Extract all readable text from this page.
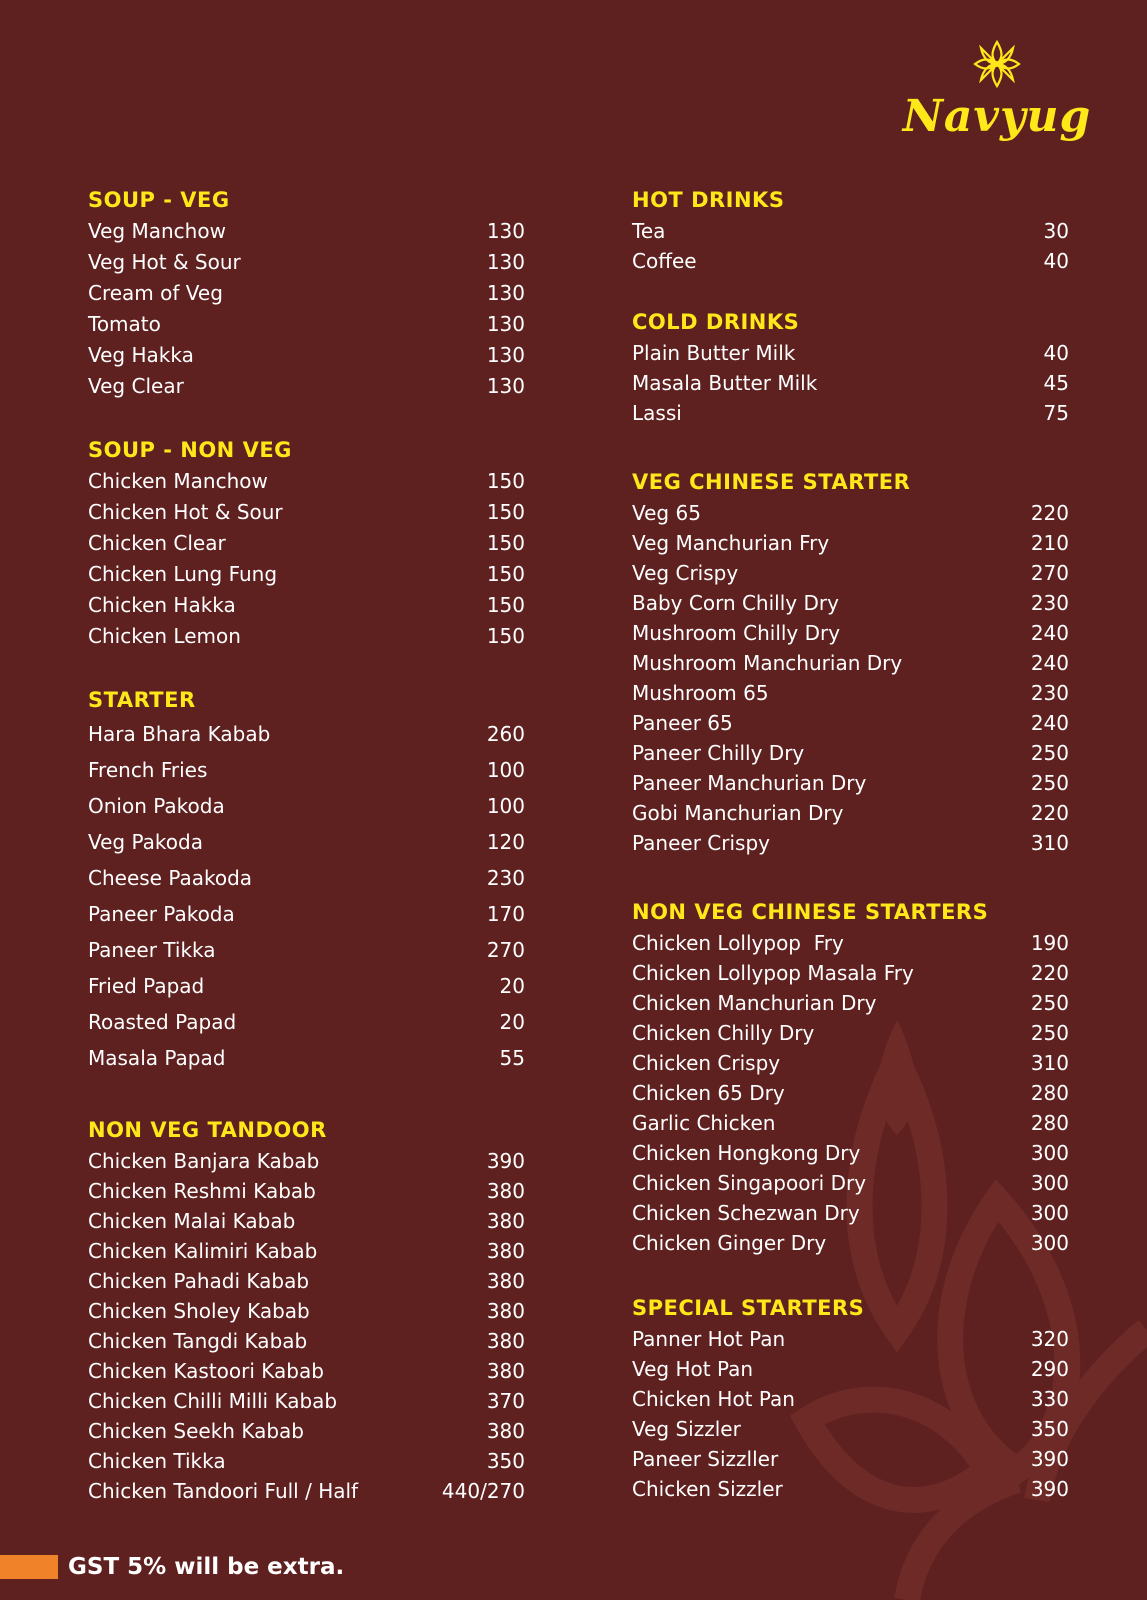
Navyug
SOUP - VEG
Veg Manchow	130
Veg Hot & Sour	130
Cream of Veg	130
Tomato	130
Veg Hakka	130
Veg Clear	130
SOUP - NON VEG
Chicken Manchow	150
Chicken Hot & Sour	150
Chicken Clear	150
Chicken Lung Fung	150
Chicken Hakka	150
Chicken Lemon	150
STARTER
Hara Bhara Kabab	260
French Fries	100
Onion Pakoda	100
Veg Pakoda	120
Cheese Paakoda	230
Paneer Pakoda	170
Paneer Tikka	270
Fried Papad	20
Roasted Papad	20
Masala Papad	55
NON VEG TANDOOR
Chicken Banjara Kabab	390
Chicken Reshmi Kabab	380
Chicken Malai Kabab	380
Chicken Kalimiri Kabab	380
Chicken Pahadi Kabab	380
Chicken Sholey Kabab	380
Chicken Tangdi Kabab	380
Chicken Kastoori Kabab	380
Chicken Chilli Milli Kabab	370
Chicken Seekh Kabab	380
Chicken Tikka	350
Chicken Tandoori Full / Half	440/270
HOT DRINKS
Tea	30
Coffee	40
COLD DRINKS
Plain Butter Milk	40
Masala Butter Milk	45
Lassi	75
VEG CHINESE STARTER
Veg 65	220
Veg Manchurian Fry	210
Veg Crispy	270
Baby Corn Chilly Dry	230
Mushroom Chilly Dry	240
Mushroom Manchurian Dry	240
Mushroom 65	230
Paneer 65	240
Paneer Chilly Dry	250
Paneer Manchurian Dry	250
Gobi Manchurian Dry	220
Paneer Crispy	310
NON VEG CHINESE STARTERS
Chicken Lollypop  Fry	190
Chicken Lollypop Masala Fry	220
Chicken Manchurian Dry	250
Chicken Chilly Dry	250
Chicken Crispy	310
Chicken 65 Dry	280
Garlic Chicken	280
Chicken Hongkong Dry	300
Chicken Singapoori Dry	300
Chicken Schezwan Dry	300
Chicken Ginger Dry	300
SPECIAL STARTERS
Panner Hot Pan	320
Veg Hot Pan	290
Chicken Hot Pan	330
Veg Sizzler	350
Paneer Sizzller	390
Chicken Sizzler	390
GST 5% will be extra.
